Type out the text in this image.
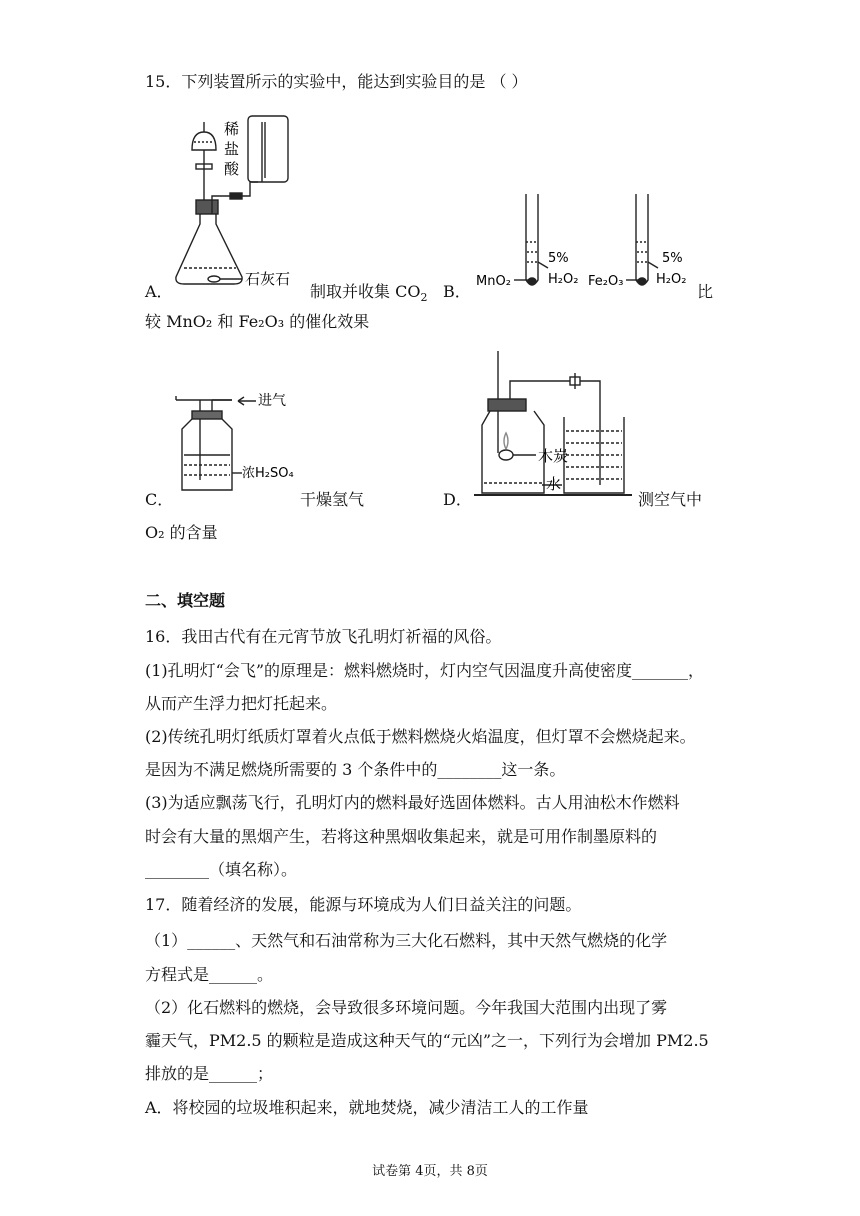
15．下列装置所示的实验中，能达到实验目的是 （ ）
稀
盐
酸
石灰石
A．	制取并收集 $CO_2$ B．
MnO₂
5%
H₂O₂ Fe₂O₃
5%
H₂O₂
比
较 MnO₂ 和 Fe₂O₃ 的催化效果
进气
浓H₂SO₄
C．	干燥氢气	D．
木炭
水
测空气中
O₂ 的含量
二、填空题
16．我田古代有在元宵节放飞孔明灯祈福的风俗。
(1)孔明灯“会飞”的原理是：燃料燃烧时，灯内空气因温度升高使密度_______，
从而产生浮力把灯托起来。
(2)传统孔明灯纸质灯罩着火点低于燃料燃烧火焰温度，但灯罩不会燃烧起来。
是因为不满足燃烧所需要的 3 个条件中的________这一条。
(3)为适应飘荡飞行，孔明灯内的燃料最好选固体燃料。古人用油松木作燃料
时会有大量的黑烟产生，若将这种黑烟收集起来，就是可用作制墨原料的
________（填名称）。
17．随着经济的发展，能源与环境成为人们日益关注的问题。
（1）______、天然气和石油常称为三大化石燃料，其中天然气燃烧的化学
方程式是______。
（2）化石燃料的燃烧，会导致很多环境问题。今年我国大范围内出现了雾
霾天气，PM2.5 的颗粒是造成这种天气的“元凶”之一，下列行为会增加 PM2.5
排放的是______；
A．将校园的垃圾堆积起来，就地焚烧，减少清洁工人的工作量
试卷第 4页，共 8页
